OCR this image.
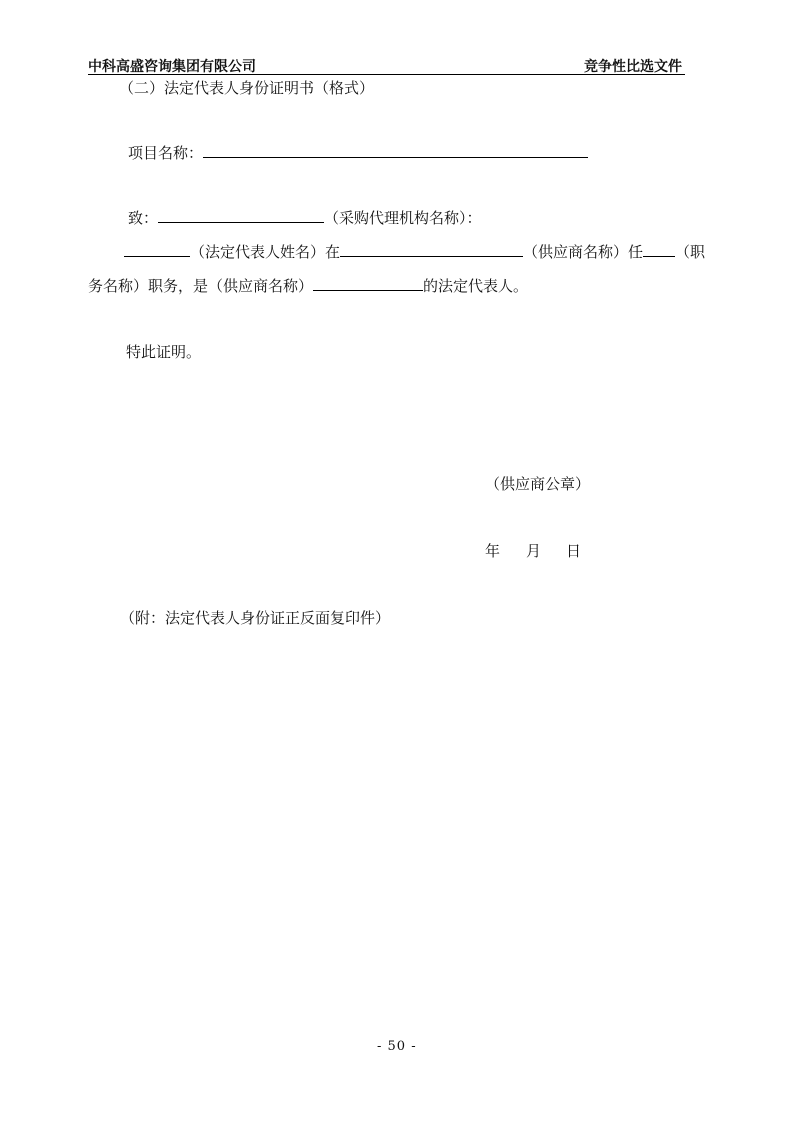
中科高盛咨询集团有限公司	竞争性比选文件
（二）法定代表人身份证明书（格式）
项目名称：
致：	（采购代理机构名称）：
（法定代表人姓名）在	（供应商名称）任 （职
务名称）职务，是（供应商名称）	的法定代表人。
特此证明。
（供应商公章）
年 月 日
（附：法定代表人身份证正反面复印件）
- 50 -
